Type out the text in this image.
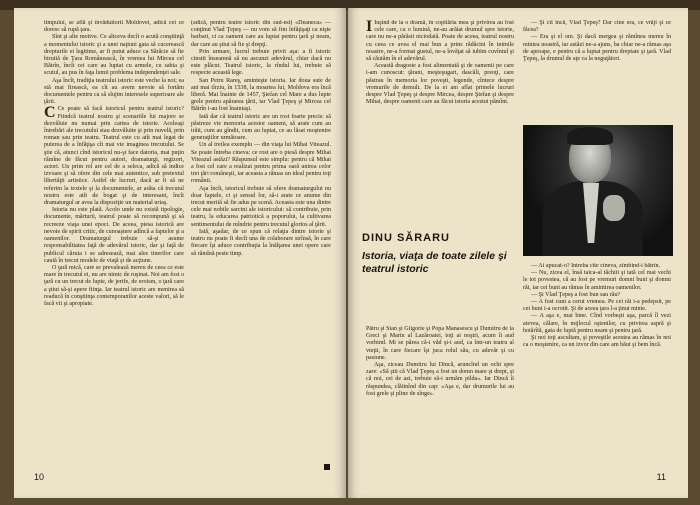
timpului, se află şi învăduitorii Moldovei, adică cei ce doresc să rupă ţara.

Sînt şi alte motive. Ce altceva decît o acută conştiinţă a momentului istoric şi a unei naţiuni gata să cucerească drepturile ei legitime, ar fi putut aduce ca Sărăcie să fie biruită de Ţara Românească, în vremea lui Mircea cel Bătrîn, încît cei care au luptat cu armele, cu sabia şi scutul, au pus în faţa lumii problema independenţei sale.

Aşa încît, tradiţia teatrului istoric este veche la noi; ea stă mai firească, ea cît au avem nevoie să fortăm documentele pentru ca să slujim interesele superioare ale ţării.

C Ce poate să facă istoricul pentru teatrul istoric? Fiindcă teatrul nostru şi scenariile lui majore se dezvăluie nu numai prin cartea de istorie. Aceleaşi întrebări ale trecutului stau dezvăluite şi prin nuvelă, prin roman sau prin teatru. Teatrul este cu atît mai legat de puterea de a înfăţişa cît mai vie imaginea trecutului. Se ştie că, atunci cînd istoricul nu-şi face datoria, mai puţin rămîne de făcut pentru autori, dramaturgi, regizori, actori. Un prim rol are cel de a seleca, adică să indice izvoare şi să ofere din cele mai autentice, sub pretextul libertăţii artistice. Astfel de lucruri, dacă ar fi să ne referim la textele şi la documentele, ar arăta că trecutul nostru este atît de bogat şi de interesant, încît dramaturgul ar avea la dispoziţie un material uriaş.

Istoria nu este plată. Acolo unde nu există tipologie, documente, mărturii, teatrul poate să recompună şi să recreeze viaţa unei epoci. De aceea, piesa istorică are nevoie de spirit critic, de cunoaştere adîncă a faptelor şi a oamenilor. Dramaturgul trebuie să-şi asume responsabilitatea faţă de adevărul istoric, dar şi faţă de publicul căruia i se adresează, mai ales tinerilor care caută în trecut modele de viaţă şi de acţiune.

O ţară mică, care se prevalează mereu de ceea ce este mare în trecutul ei, nu are nimic de ruşinat. Noi am fost o ţară cu un trecut de lupte, de jertfe, de eroism, o ţară care a ştiut să-şi apere fiinţa. Iar teatrul istoric are menirea să readucă în conştiinţa contemporanilor aceste valori, să le facă vii şi apropiate.

(adică, pentru teatre istoric din sud-est) «Deaneca» — conţinut Vlad Ţepeş — nu vom să fim înfăţişaţi ca nişte barbari, ci ca oameni care au luptat pentru ţară şi neam, dar care au ştiut să fie şi drepţi.

Prin urmare, lucrul trebuie privit aşa: a fi istoric cinstit înseamnă să nu ascunzi adevărul, chiar dacă nu este plăcut. Teatrul istoric, la rîndul lui, trebuie să respecte această lege.

San Petru Rareş, aminteşte istoria. Iar doua sute de ani mai tîrziu, în 1538, la moartea lui, Moldova era încă liberă. Mai înainte de 1457, Ştefan cel Mare a dus lupte grele pentru apărarea ţării, iar Vlad Ţepeş şi Mircea cel Bătrîn i-au fost înaintaşi.

Iată dar că teatrul istoric are un rost foarte precis: să păstreze vie memoria acestor oameni, să arate cum au trăit, cum au gîndit, cum au luptat, ce au lăsat moştenire generaţiilor următoare.

Un al treilea exemplu — din viaţa lui Mihai Viteazul. Se poate întreba cineva: ce rost are o piesă despre Mihai Viteazul astăzi? Răspunsul este simplu: pentru că Mihai a fost cel care a realizat pentru prima oară unirea celor trei ţări româneşti, iar aceasta a rămas un ideal pentru toţi românii.

Aşa încît, istoricul trebuie să ofere dramaturgului nu doar faptele, ci şi sensul lor, să-i arate ce anume din trecut merită să fie adus pe scenă. Aceasta este una dintre cele mai nobile sarcini ale istoricului: să contribuie, prin teatru, la educarea patriotică a poporului, la cultivarea sentimentului de mîndrie pentru trecutul glorios al ţării.

Iată, aşadar, de ce spun că relaţia dintre istorie şi teatru nu poate fi decît una de colaborare strînsă, în care fiecare îşi aduce contribuţia la înălţarea unei opere care să rămînă peste timp.

10

I Iuşind de la o dramă, în copilăria mea şi privirea au fost cele care, ca o lumină, ne-au arătat drumul spre istorie, care nu ne-a părăsit niciodată. Poate de aceea, teatrul nostru cu ceea ce avea el mai bun a prins rădăcini în inimile noastre, ne-a format gustul, ne-a învăţat să iubim cuvîntul şi să căutăm în el adevărul.

Această dragoste a fost alimentată şi de oamenii pe care i-am cunoscut: ţărani, meşteşugari, dascăli, preoţi, care păstrau în memoria lor poveşti, legende, cîntece despre vremurile de demult. De la ei am aflat primele lucruri despre Vlad Ţepeş şi despre Mircea, despre Ştefan şi despre Mihai, despre oamenii care au făcut istoria acestui pămînt.

— Şi cît încă, Vlad Ţepeş? Dar cine era, ce vrăji şi ce făcea?

— Era şi el om. Şi dacă mergea şi rămînea mereu în mintea noastră, iar astăzi ne-a ajuns, ba chiar ne-a rămas aşa de aproape, e pentru că a luptat pentru dreptate şi ţară. Vlad Ţepeş, la drumul de aţe ca la neguţători.

DINU SĂRARU
Istoria, viaţa de toate zilele şi teatrul istoric

Pătru şi Stan şi Gligorie şi Popa Manasescu şi Dumitru de la Greci şi Marin al Lazăroaiei, toţi ai noştri, acum îi aud vorbind. Mi se părea că-i văd şi-i aud, ca într-un teatru al vieţii, în care fiecare îşi juca rolul său, cu adevăr şi cu pasiune.

Aşa, ziceau Dumitru lui Dincă, aruncînd un ochi spre zare: «Să ştii că Vlad Ţepeş a fost un domn mare şi drept, şi că noi, cei de azi, trebuie să-i urmăm pilda». Iar Dincă îi răspundea, clătinînd din cap: «Aşa e, dar drumurile lui au fost grele şi pline de sînge».

— Ai apucat-o? Întreba cîte cineva, zîmbind-i bătrîn.

— Nu, zicea el, însă taica-al tăchiii şi tată cel mai vechi le tot povestea, că au fost pe vremuri domni buni şi domni răi, iar cei buni au rămas în amintirea oamenilor.

— Şi Vlad Ţepeş a fost bun sau rău?

— A fost cum a cerut vremea. Pe cei răi i-a pedepsit, pe cei buni i-a ocrotit. Şi de aceea ţara l-a ţinut minte.

— A aşa e, mai bine. Cînd vorbeşti aşa, parcă îl vezi aievea, călare, în mijlocul oştenilor, cu privirea aspră şi hotărîtă, gata de luptă pentru neam şi pentru ţară.

Şi noi toţi ascultam, şi poveştile acestea au rămas în noi ca o moştenire, ca un izvor din care am băut şi bem încă.

11
